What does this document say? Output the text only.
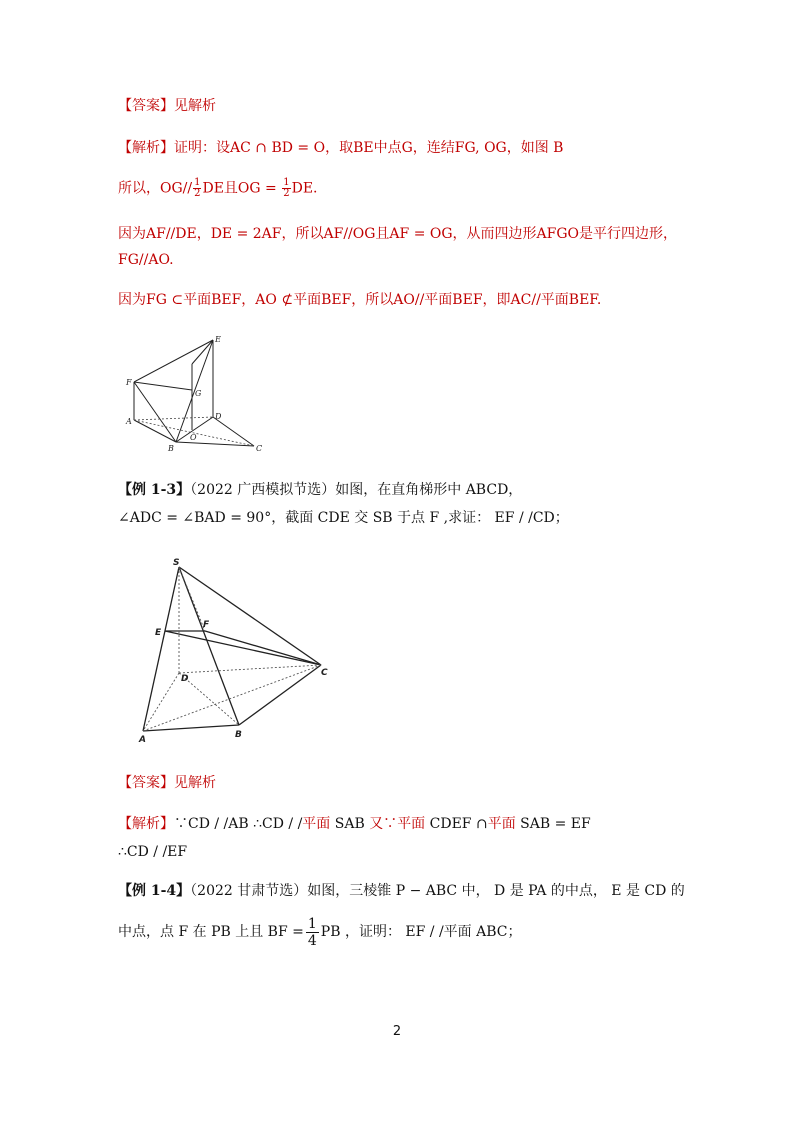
【答案】见解析
【解析】证明：设AC ∩ BD = O，取BE中点G，连结FG, OG，如图 B
所以，$OG// \frac{1}{2}$ DE且OG = $\frac{1}{2}$ DE.
因为AF//DE，DE = 2AF，所以AF//OG且AF = OG，从而四边形AFGO是平行四边形，
FG//AO.
因为FG ⊂平面BEF，AO ⊄平面BEF，所以AO//平面BEF，即AC//平面BEF.
E
F
G
D
A
O
B	C
【例 1-3】（2022 广西模拟节选）如图，在直角梯形中 ABCD，
∠ADC = ∠BAD = 90°，截面 CDE 交 SB 于点 F ,求证： EF / /CD；
S
E
F
D
C
A	B
【答案】见解析
【解析】∵CD / /AB ∴CD / /平面 SAB 又∵平面 CDEF ∩平面 SAB = EF
∴CD / /EF
【例 1-4】（2022 甘肃节选）如图，三棱锥 P − ABC 中， D 是 PA 的中点， E 是 CD 的
中点，点 F 在 PB 上且 BF = $\frac{1}{4}$ PB ，证明： EF / /平面 ABC；
2
